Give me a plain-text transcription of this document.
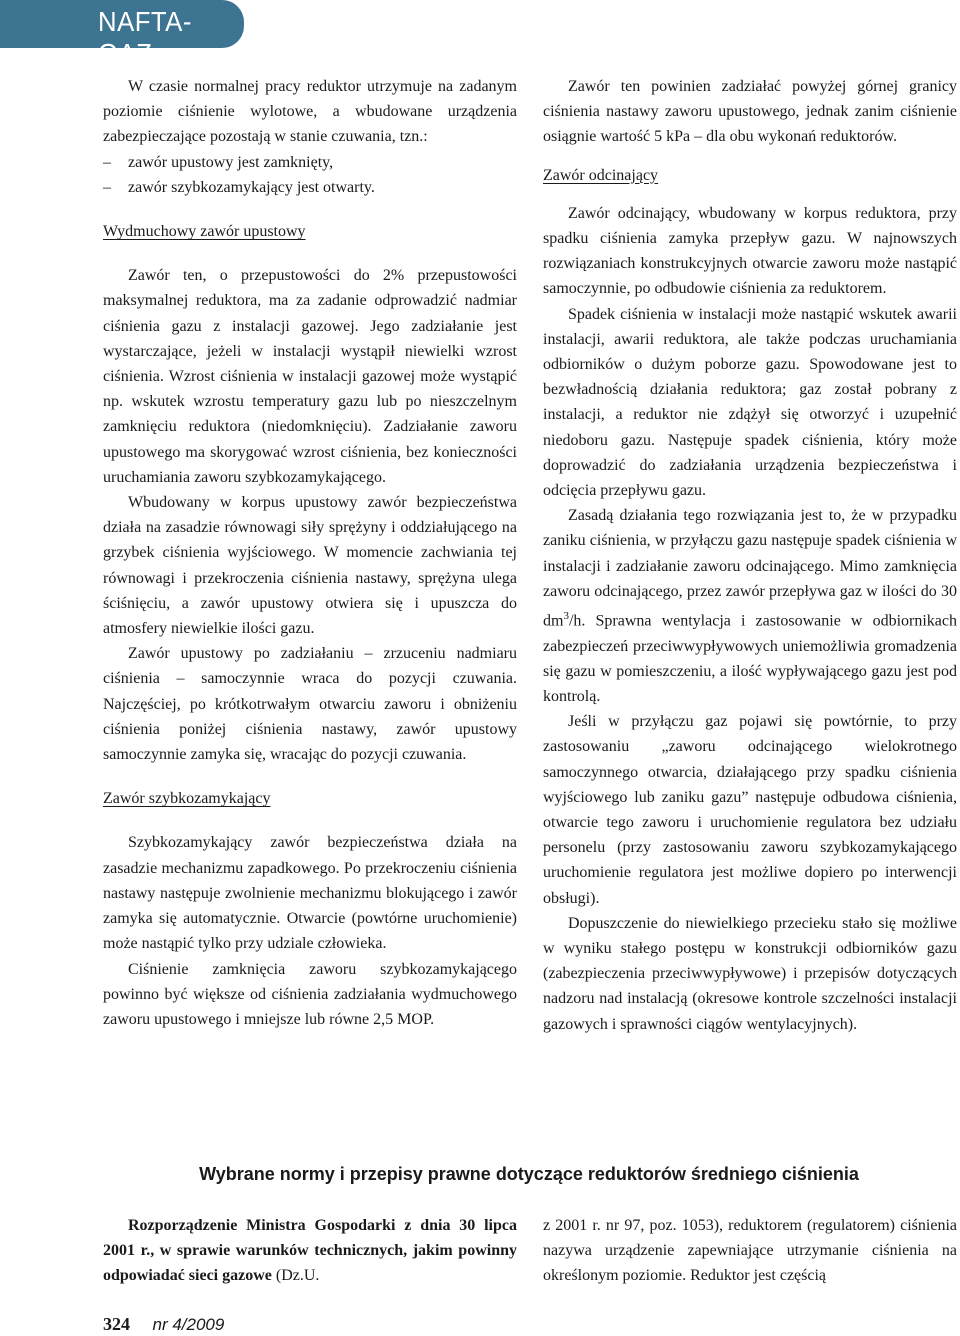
NAFTA-GAZ

W czasie normalnej pracy reduktor utrzymuje na zadanym poziomie ciśnienie wylotowe, a wbudowane urządzenia zabezpieczające pozostają w stanie czuwania, tzn.:

–	zawór upustowy jest zamknięty,
–	zawór szybkozamykający jest otwarty.
Wydmuchowy zawór upustowy

Zawór ten, o przepustowości do 2% przepustowości maksymalnej reduktora, ma za zadanie odprowadzić nadmiar ciśnienia gazu z instalacji gazowej. Jego zadziałanie jest wystarczające, jeżeli w instalacji wystąpił niewielki wzrost ciśnienia. Wzrost ciśnienia w instalacji gazowej może wystąpić np. wskutek wzrostu temperatury gazu lub po nieszczelnym zamknięciu reduktora (niedomknięciu). Zadziałanie zaworu upustowego ma skorygować wzrost ciśnienia, bez konieczności uruchamiania zaworu szybkozamykającego.

Wbudowany w korpus upustowy zawór bezpieczeństwa działa na zasadzie równowagi siły sprężyny i oddziałującego na grzybek ciśnienia wyjściowego. W momencie zachwiania tej równowagi i przekroczenia ciśnienia nastawy, sprężyna ulega ściśnięciu, a zawór upustowy otwiera się i upuszcza do atmosfery niewielkie ilości gazu.

Zawór upustowy po zadziałaniu – zrzuceniu nadmiaru ciśnienia – samoczynnie wraca do pozycji czuwania. Najczęściej, po krótkotrwałym otwarciu zaworu i obniżeniu ciśnienia poniżej ciśnienia nastawy, zawór upustowy samoczynnie zamyka się, wracając do pozycji czuwania.

Zawór szybkozamykający

Szybkozamykający zawór bezpieczeństwa działa na zasadzie mechanizmu zapadkowego. Po przekroczeniu ciśnienia nastawy następuje zwolnienie mechanizmu blokującego i zawór zamyka się automatycznie. Otwarcie (powtórne uruchomienie) może nastąpić tylko przy udziale człowieka.

Ciśnienie zamknięcia zaworu szybkozamykającego powinno być większe od ciśnienia zadziałania wydmuchowego zaworu upustowego i mniejsze lub równe 2,5 MOP.

Zawór ten powinien zadziałać powyżej górnej granicy ciśnienia nastawy zaworu upustowego, jednak zanim ciśnienie osiągnie wartość 5 kPa – dla obu wykonań reduktorów.

Zawór odcinający

Zawór odcinający, wbudowany w korpus reduktora, przy spadku ciśnienia zamyka przepływ gazu. W najnowszych rozwiązaniach konstrukcyjnych otwarcie zaworu może nastąpić samoczynnie, po odbudowie ciśnienia za reduktorem.

Spadek ciśnienia w instalacji może nastąpić wskutek awarii instalacji, awarii reduktora, ale także podczas uruchamiania odbiorników o dużym poborze gazu. Spowodowane jest to bezwładnością działania reduktora; gaz został pobrany z instalacji, a reduktor nie zdążył się otworzyć i uzupełnić niedoboru gazu. Następuje spadek ciśnienia, który może doprowadzić do zadziałania urządzenia bezpieczeństwa i odcięcia przepływu gazu.

Zasadą działania tego rozwiązania jest to, że w przypadku zaniku ciśnienia, w przyłączu gazu następuje spadek ciśnienia w instalacji i zadziałanie zaworu odcinającego. Mimo zamknięcia zaworu odcinającego, przez zawór przepływa gaz w ilości do 30 $dm^3/h$. Sprawna wentylacja i zastosowanie w odbiornikach zabezpieczeń przeciwwypływowych uniemożliwia gromadzenia się gazu w pomieszczeniu, a ilość wypływającego gazu jest pod kontrolą.

Jeśli w przyłączu gaz pojawi się powtórnie, to przy zastosowaniu „zaworu odcinającego wielokrotnego samoczynnego otwarcia, działającego przy spadku ciśnienia wyjściowego lub zaniku gazu” następuje odbudowa ciśnienia, otwarcie tego zaworu i uruchomienie regulatora bez udziału personelu (przy zastosowaniu zaworu szybkozamykającego uruchomienie regulatora jest możliwe dopiero po interwencji obsługi).

Dopuszczenie do niewielkiego przecieku stało się możliwe w wyniku stałego postępu w konstrukcji odbiorników gazu (zabezpieczenia przeciwwypływowe) i przepisów dotyczących nadzoru nad instalacją (okresowe kontrole szczelności instalacji gazowych i sprawności ciągów wentylacyjnych).

Wybrane normy i przepisy prawne dotyczące reduktorów średniego ciśnienia

Rozporządzenie Ministra Gospodarki z dnia 30 lipca 2001 r., w sprawie warunków technicznych, jakim powinny odpowiadać sieci gazowe (Dz.U.

z 2001 r. nr 97, poz. 1053), reduktorem (regulatorem) ciśnienia nazywa urządzenie zapewniające utrzymanie ciśnienia na określonym poziomie. Reduktor jest częścią

324 nr 4/2009
